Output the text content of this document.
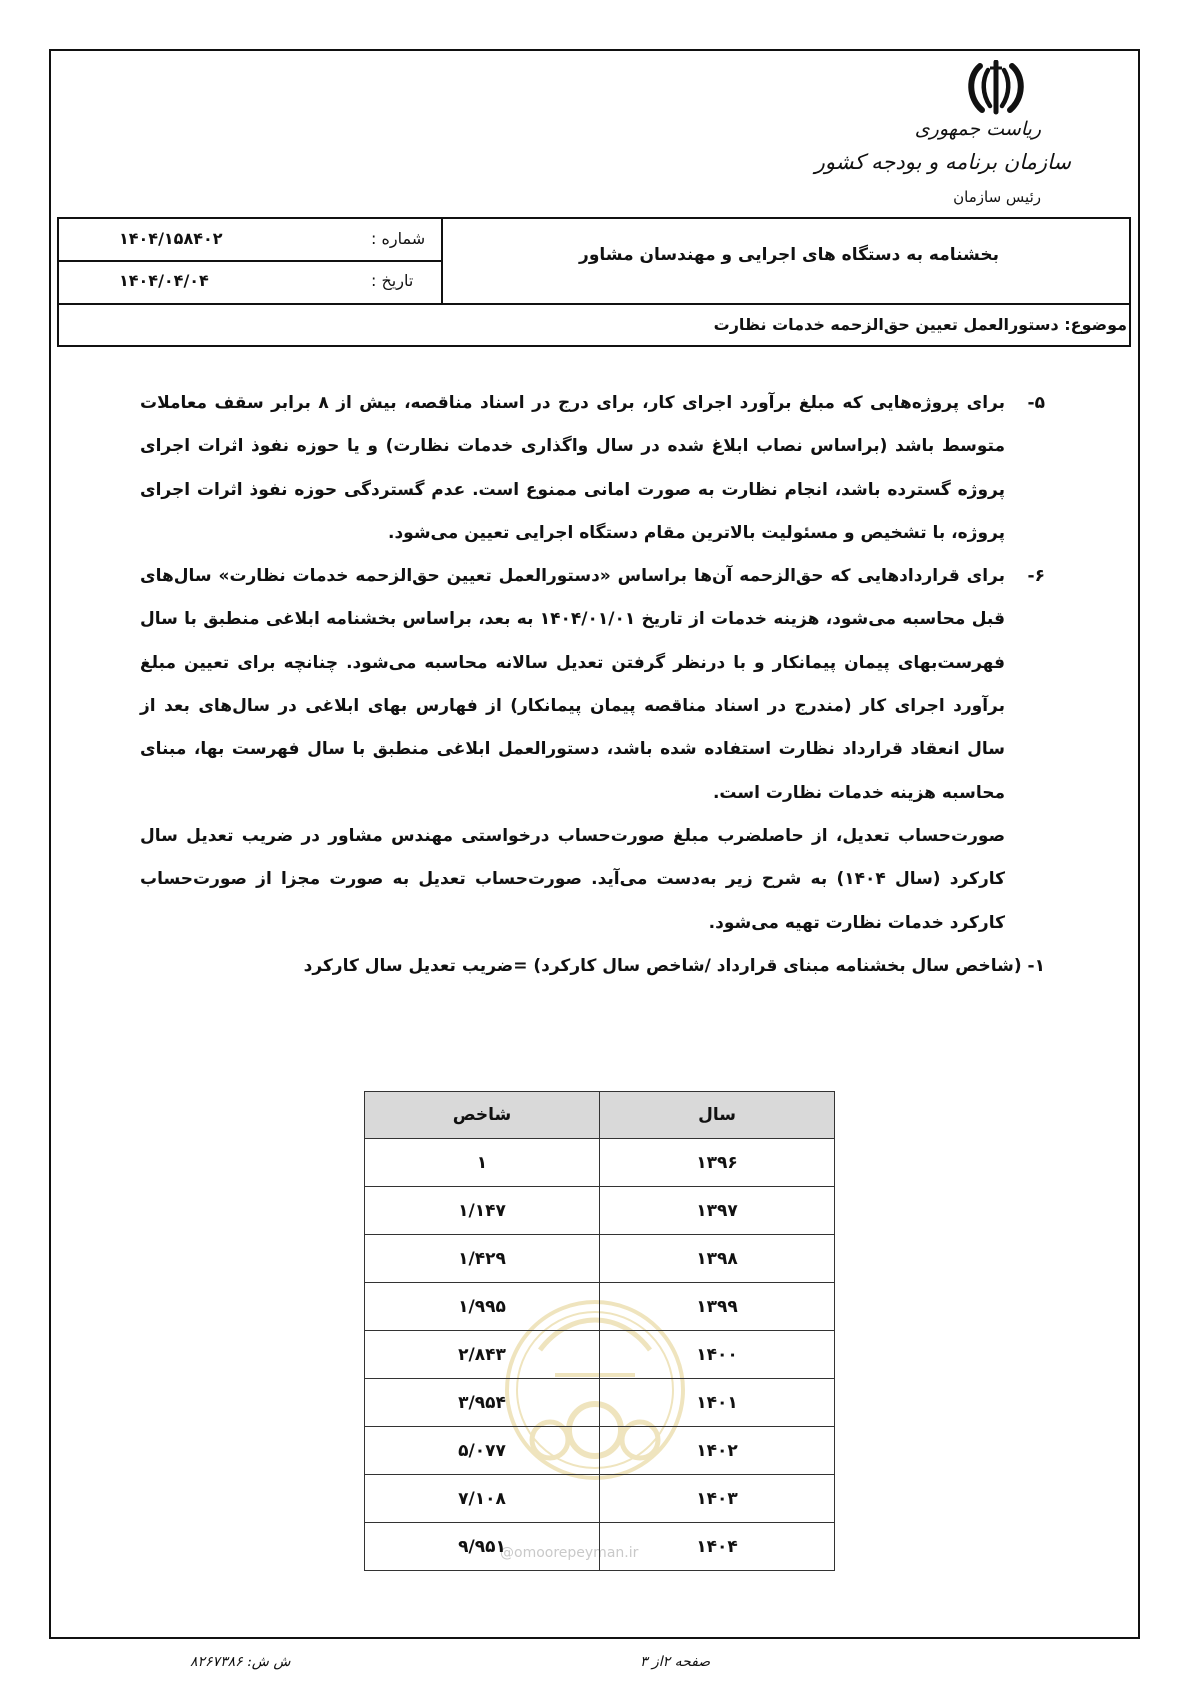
ریاست جمهوری
سازمان برنامه و بودجه کشور
رئیس سازمان
بخشنامه به دستگاه های اجرایی و مهندسان مشاور
شماره :
۱۴۰۴/۱۵۸۴۰۲
تاریخ :
۱۴۰۴/۰۴/۰۴
موضوع: دستورالعمل تعیین حق‌الزحمه خدمات نظارت
۵-

برای پروژه‌هایی که مبلغ برآورد اجرای کار، برای درج در اسناد مناقصه، بیش از ۸ برابر سقف معاملات متوسط باشد (براساس نصاب ابلاغ شده در سال واگذاری خدمات نظارت) و یا حوزه نفوذ اثرات اجرای پروژه گسترده باشد، انجام نظارت به صورت امانی ممنوع است. عدم گستردگی حوزه نفوذ اثرات اجرای پروژه، با تشخیص و مسئولیت بالاترین مقام دستگاه اجرایی تعیین می‌شود.

۶-

برای قراردادهایی که حق‌الزحمه آن‌ها براساس «دستورالعمل تعیین حق‌الزحمه خدمات نظارت» سال‌های قبل محاسبه می‌شود، هزینه خدمات از تاریخ ۱۴۰۴/۰۱/۰۱ به بعد، براساس بخشنامه ابلاغی منطبق با سال فهرست‌بهای پیمان پیمانکار و با درنظر گرفتن تعدیل سالانه محاسبه می‌شود. چنانچه برای تعیین مبلغ برآورد اجرای کار (مندرج در اسناد مناقصه پیمان پیمانکار) از فهارس بهای ابلاغی در سال‌های بعد از سال انعقاد قرارداد نظارت استفاده شده باشد، دستورالعمل ابلاغی منطبق با سال فهرست بها، مبنای محاسبه هزینه خدمات نظارت است.

صورت‌حساب تعدیل، از حاصلضرب مبلغ صورت‌حساب درخواستی مهندس مشاور در ضریب تعدیل سال کارکرد (سال ۱۴۰۴) به شرح زیر به‌دست می‌آید. صورت‌حساب تعدیل به صورت مجزا از صورت‌حساب کارکرد خدمات نظارت تهیه می‌شود.

۱- (شاخص سال بخشنامه مبنای قرارداد /شاخص سال کارکرد) =ضریب تعدیل سال کارکرد

@omoorepeyman.ir
سال	شاخص
۱۳۹۶	۱
۱۳۹۷	۱/۱۴۷
۱۳۹۸	۱/۴۲۹
۱۳۹۹	۱/۹۹۵
۱۴۰۰	۲/۸۴۳
۱۴۰۱	۳/۹۵۴
۱۴۰۲	۵/۰۷۷
۱۴۰۳	۷/۱۰۸
۱۴۰۴	۹/۹۵۱
صفحه ۲از ۳
ش ش: ۸۲۶۷۳۸۶
